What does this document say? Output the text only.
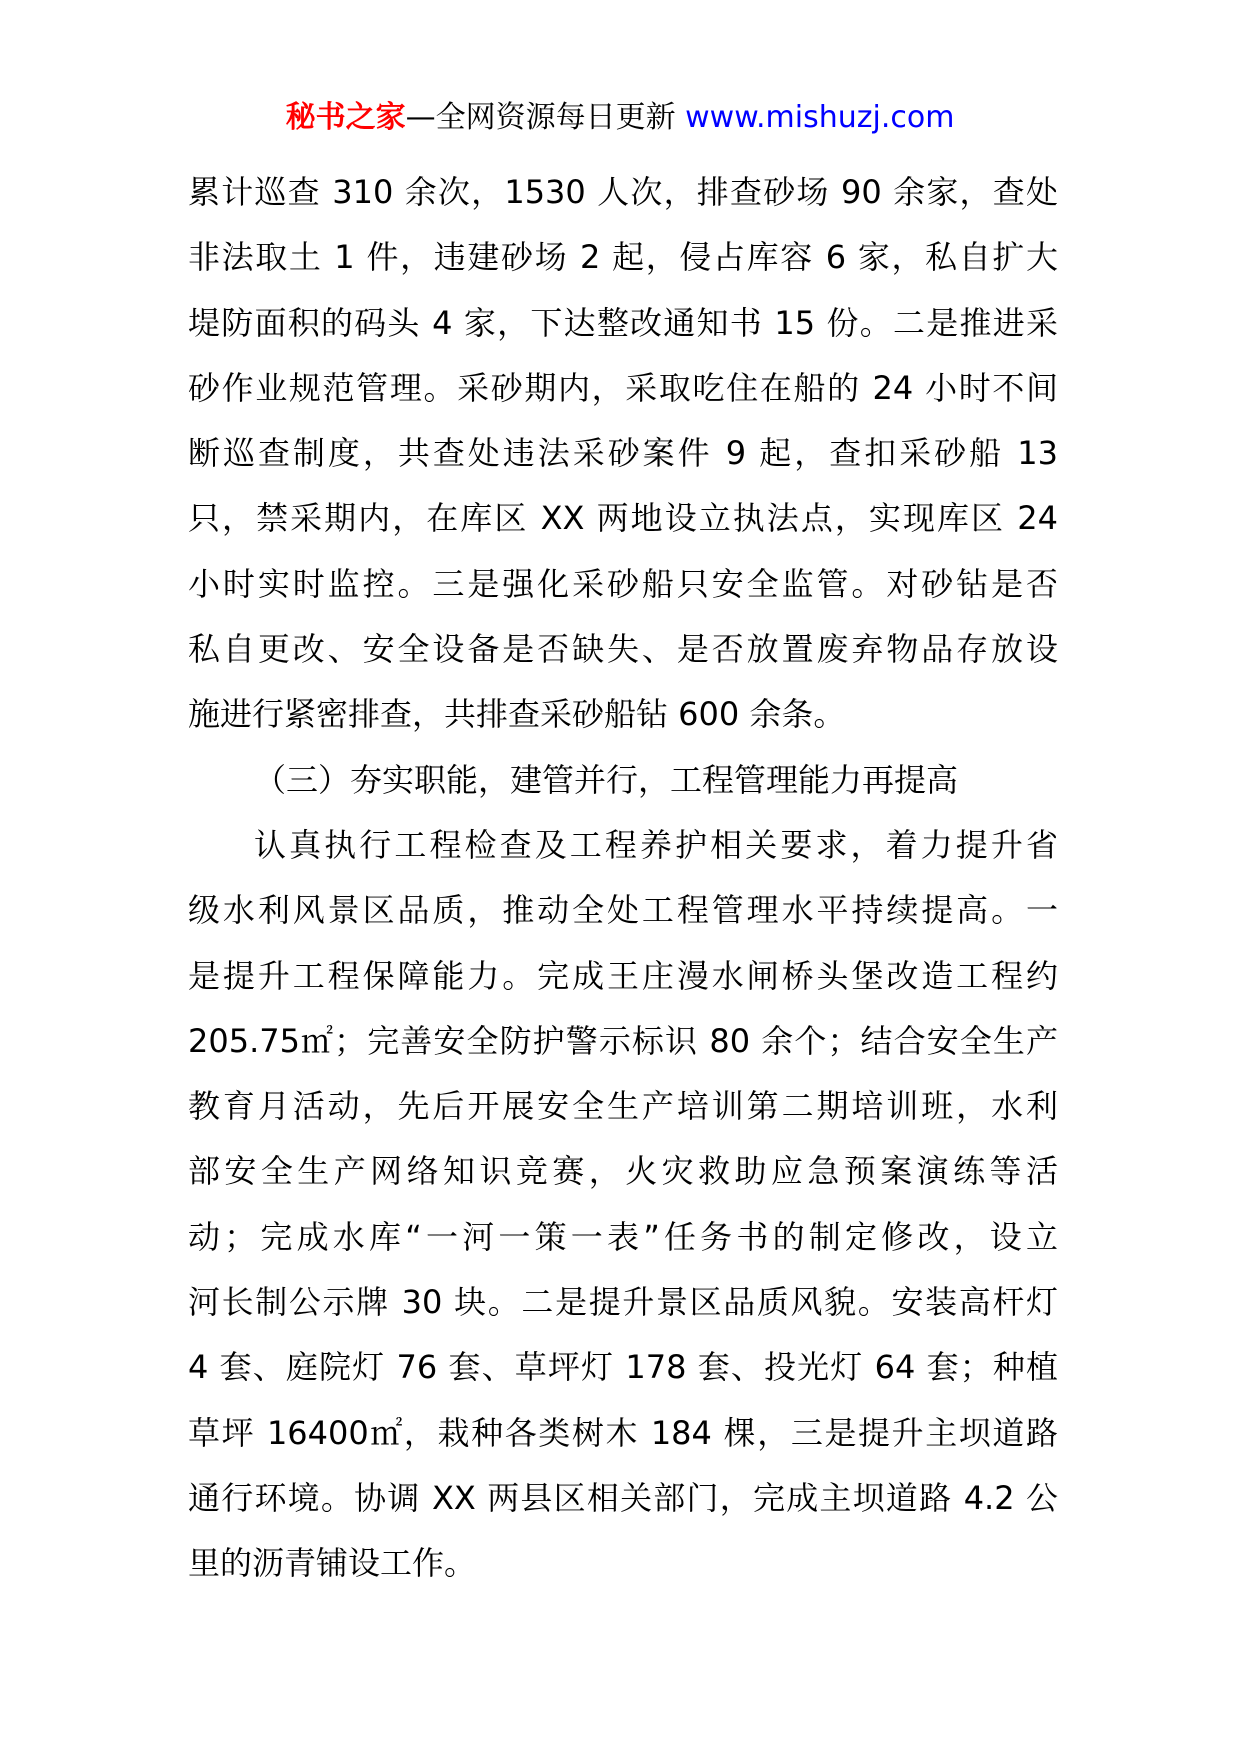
秘书之家—全网资源每日更新 www.mishuzj.com
累计巡查 310 余次，1530 人次，排查砂场 90 余家，查处
非法取土 1 件，违建砂场 2 起，侵占库容 6 家，私自扩大
堤防面积的码头 4 家，下达整改通知书 15 份。二是推进采
砂作业规范管理。采砂期内，采取吃住在船的 24 小时不间
断巡查制度，共查处违法采砂案件 9 起，查扣采砂船 13
只，禁采期内，在库区 XX 两地设立执法点，实现库区 24
小时实时监控。三是强化采砂船只安全监管。对砂钻是否
私自更改、安全设备是否缺失、是否放置废弃物品存放设
施进行紧密排查，共排查采砂船钻 600 余条。
（三）夯实职能，建管并行，工程管理能力再提高
认真执行工程检查及工程养护相关要求，着力提升省
级水利风景区品质，推动全处工程管理水平持续提高。一
是提升工程保障能力。完成王庄漫水闸桥头堡改造工程约
205.75㎡；完善安全防护警示标识 80 余个；结合安全生产
教育月活动，先后开展安全生产培训第二期培训班，水利
部安全生产网络知识竞赛，火灾救助应急预案演练等活
动；完成水库“一河一策一表”任务书的制定修改，设立
河长制公示牌 30 块。二是提升景区品质风貌。安装高杆灯
4 套、庭院灯 76 套、草坪灯 178 套、投光灯 64 套；种植
草坪 16400㎡，栽种各类树木 184 棵，三是提升主坝道路
通行环境。协调 XX 两县区相关部门，完成主坝道路 4.2 公
里的沥青铺设工作。
